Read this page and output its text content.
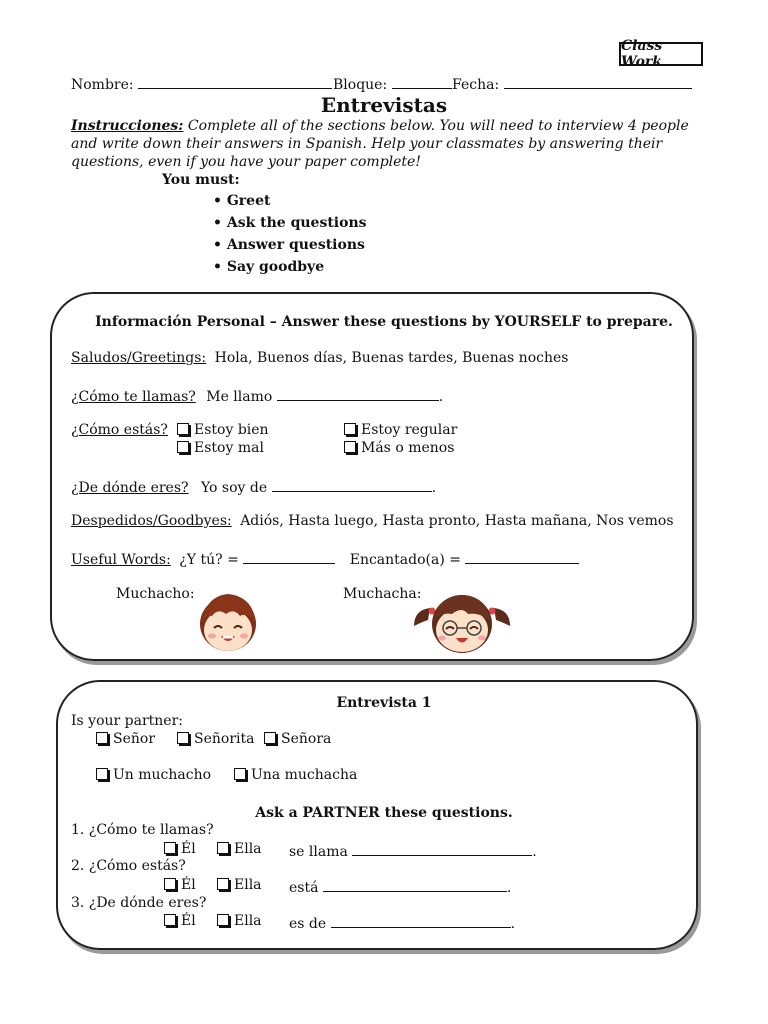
Class Work
Nombre:	Bloque:	Fecha:
Entrevistas
Instrucciones: Complete all of the sections below. You will need to interview 4 people and write down their answers in Spanish. Help your classmates by answering their questions, even if you have your paper complete!
You must:
• Greet
• Ask the questions
• Answer questions
• Say goodbye
Información Personal – Answer these questions by YOURSELF to prepare.
Saludos/Greetings: Hola, Buenos días, Buenas tardes, Buenas noches
¿Cómo te llamas? Me llamo	.
¿Cómo estás?	Estoy bien	Estoy regular
Estoy mal	Más o menos
¿De dónde eres? Yo soy de	.
Despedidos/Goodbyes: Adiós, Hasta luego, Hasta pronto, Hasta mañana, Nos vemos
Useful Words: ¿Y tú? =	Encantado(a) =
Muchacho:	Muchacha:
Entrevista 1
Is your partner:
Señor	Señorita	Señora
Un muchacho	Una muchacha
Ask a PARTNER these questions.
1. ¿Cómo te llamas?
Él	Ella se llama	.
2. ¿Cómo estás?
Él	Ella está	.
3. ¿De dónde eres?
Él	Ella es de	.
